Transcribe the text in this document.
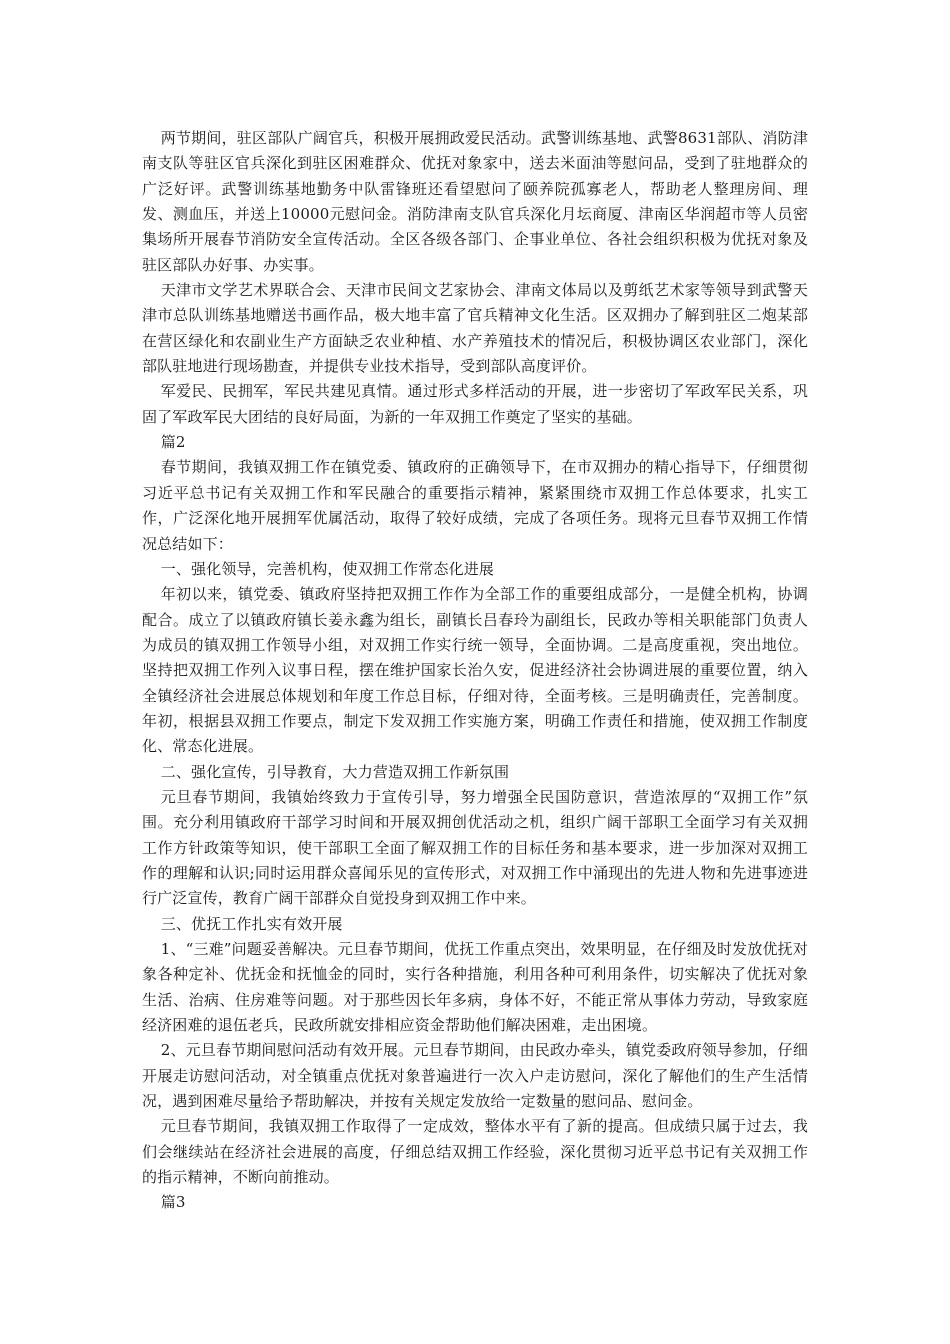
两节期间，驻区部队广阔官兵，积极开展拥政爱民活动。武警训练基地、武警8631部队、消防津南支队等驻区官兵深化到驻区困难群众、优抚对象家中，送去米面油等慰问品，受到了驻地群众的广泛好评。武警训练基地勤务中队雷锋班还看望慰问了颐养院孤寡老人，帮助老人整理房间、理发、测血压，并送上10000元慰问金。消防津南支队官兵深化月坛商厦、津南区华润超市等人员密集场所开展春节消防安全宣传活动。全区各级各部门、企事业单位、各社会组织积极为优抚对象及驻区部队办好事、办实事。

天津市文学艺术界联合会、天津市民间文艺家协会、津南文体局以及剪纸艺术家等领导到武警天津市总队训练基地赠送书画作品，极大地丰富了官兵精神文化生活。区双拥办了解到驻区二炮某部在营区绿化和农副业生产方面缺乏农业种植、水产养殖技术的情况后，积极协调区农业部门，深化部队驻地进行现场勘查，并提供专业技术指导，受到部队高度评价。

军爱民、民拥军，军民共建见真情。通过形式多样活动的开展，进一步密切了军政军民关系，巩固了军政军民大团结的良好局面，为新的一年双拥工作奠定了坚实的基础。

篇2

春节期间，我镇双拥工作在镇党委、镇政府的正确领导下，在市双拥办的精心指导下，仔细贯彻习近平总书记有关双拥工作和军民融合的重要指示精神，紧紧围绕市双拥工作总体要求，扎实工作，广泛深化地开展拥军优属活动，取得了较好成绩，完成了各项任务。现将元旦春节双拥工作情况总结如下：

一、强化领导，完善机构，使双拥工作常态化进展

年初以来，镇党委、镇政府坚持把双拥工作作为全部工作的重要组成部分，一是健全机构，协调配合。成立了以镇政府镇长姜永鑫为组长，副镇长吕春玲为副组长，民政办等相关职能部门负责人为成员的镇双拥工作领导小组，对双拥工作实行统一领导，全面协调。二是高度重视，突出地位。坚持把双拥工作列入议事日程，摆在维护国家长治久安，促进经济社会协调进展的重要位置，纳入全镇经济社会进展总体规划和年度工作总目标，仔细对待，全面考核。三是明确责任，完善制度。年初，根据县双拥工作要点，制定下发双拥工作实施方案，明确工作责任和措施，使双拥工作制度化、常态化进展。

二、强化宣传，引导教育，大力营造双拥工作新氛围

元旦春节期间，我镇始终致力于宣传引导，努力增强全民国防意识，营造浓厚的“双拥工作”氛围。充分利用镇政府干部学习时间和开展双拥创优活动之机，组织广阔干部职工全面学习有关双拥工作方针政策等知识，使干部职工全面了解双拥工作的目标任务和基本要求，进一步加深对双拥工作的理解和认识;同时运用群众喜闻乐见的宣传形式，对双拥工作中涌现出的先进人物和先进事迹进行广泛宣传，教育广阔干部群众自觉投身到双拥工作中来。

三、优抚工作扎实有效开展

1、“三难”问题妥善解决。元旦春节期间，优抚工作重点突出，效果明显，在仔细及时发放优抚对象各种定补、优抚金和抚恤金的同时，实行各种措施，利用各种可利用条件，切实解决了优抚对象生活、治病、住房难等问题。对于那些因长年多病，身体不好，不能正常从事体力劳动，导致家庭经济困难的退伍老兵，民政所就安排相应资金帮助他们解决困难，走出困境。

2、元旦春节期间慰问活动有效开展。元旦春节期间，由民政办牵头，镇党委政府领导参加，仔细开展走访慰问活动，对全镇重点优抚对象普遍进行一次入户走访慰问，深化了解他们的生产生活情况，遇到困难尽量给予帮助解决，并按有关规定发放给一定数量的慰问品、慰问金。

元旦春节期间，我镇双拥工作取得了一定成效，整体水平有了新的提高。但成绩只属于过去，我们会继续站在经济社会进展的高度，仔细总结双拥工作经验，深化贯彻习近平总书记有关双拥工作的指示精神，不断向前推动。

篇3
